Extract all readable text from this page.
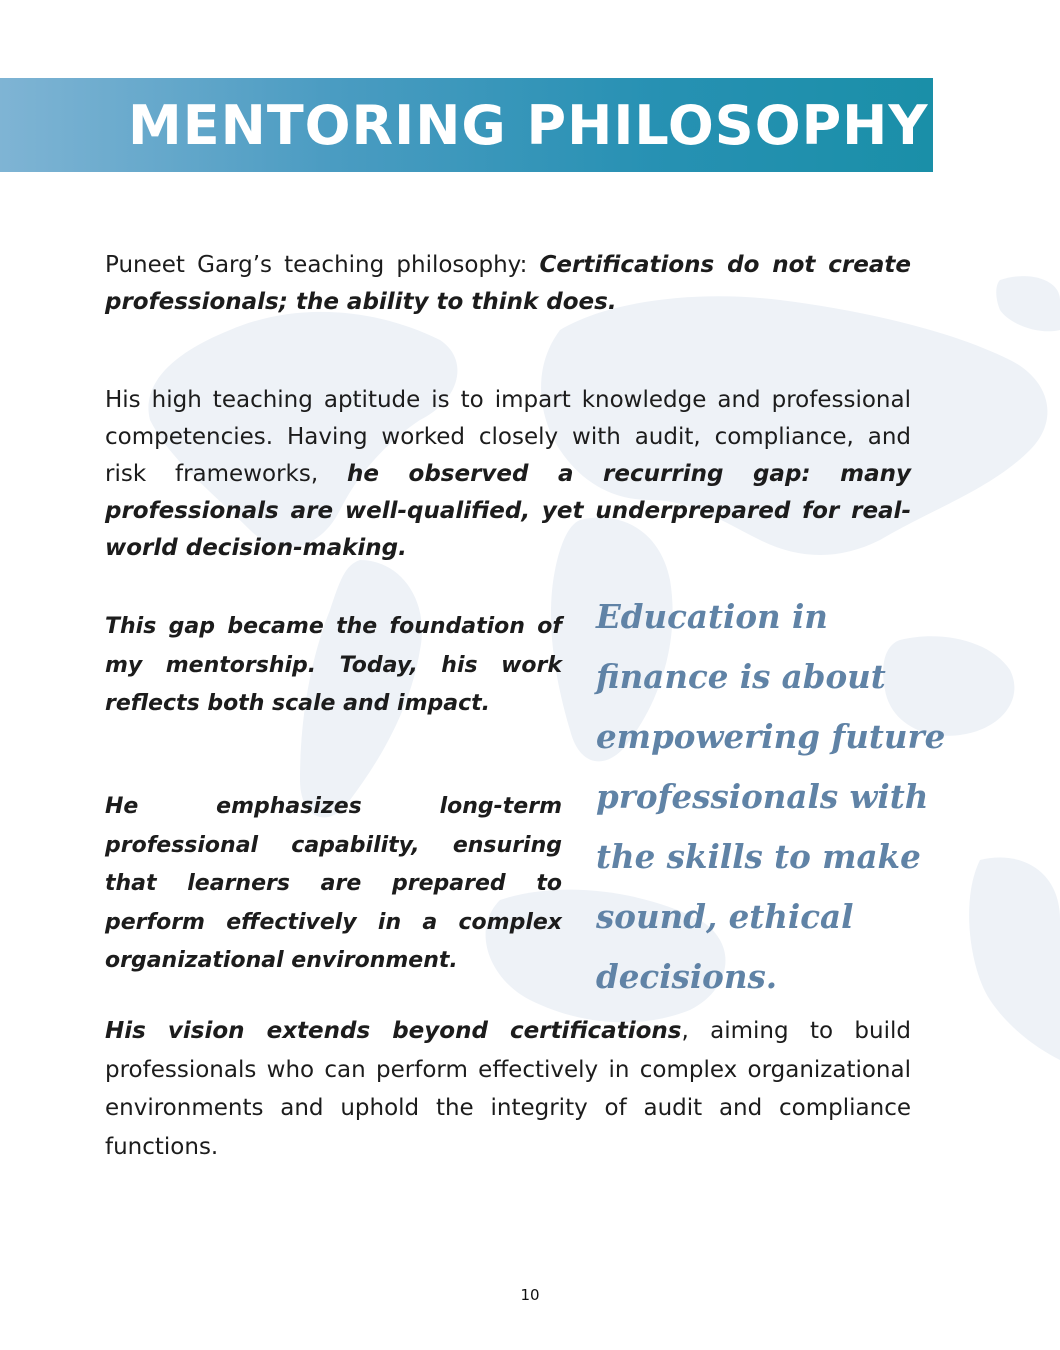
MENTORING PHILOSOPHY

Puneet Garg’s teaching philosophy: Certifications do not create professionals; the ability to think does.

His high teaching aptitude is to impart knowledge and professional competencies. Having worked closely with audit, compliance, and risk frameworks, he observed a recurring gap: many professionals are well-qualified, yet underprepared for real-world decision-making.

This gap became the foundation of my mentorship. Today, his work reflects both scale and impact.

He emphasizes long-term professional capability, ensuring that learners are prepared to perform effectively in a complex organizational environment.

Education in finance is about empowering future professionals with the skills to make sound, ethical decisions.

His vision extends beyond certifications, aiming to build professionals who can perform effectively in complex organizational environments and uphold the integrity of audit and compliance functions.

10
